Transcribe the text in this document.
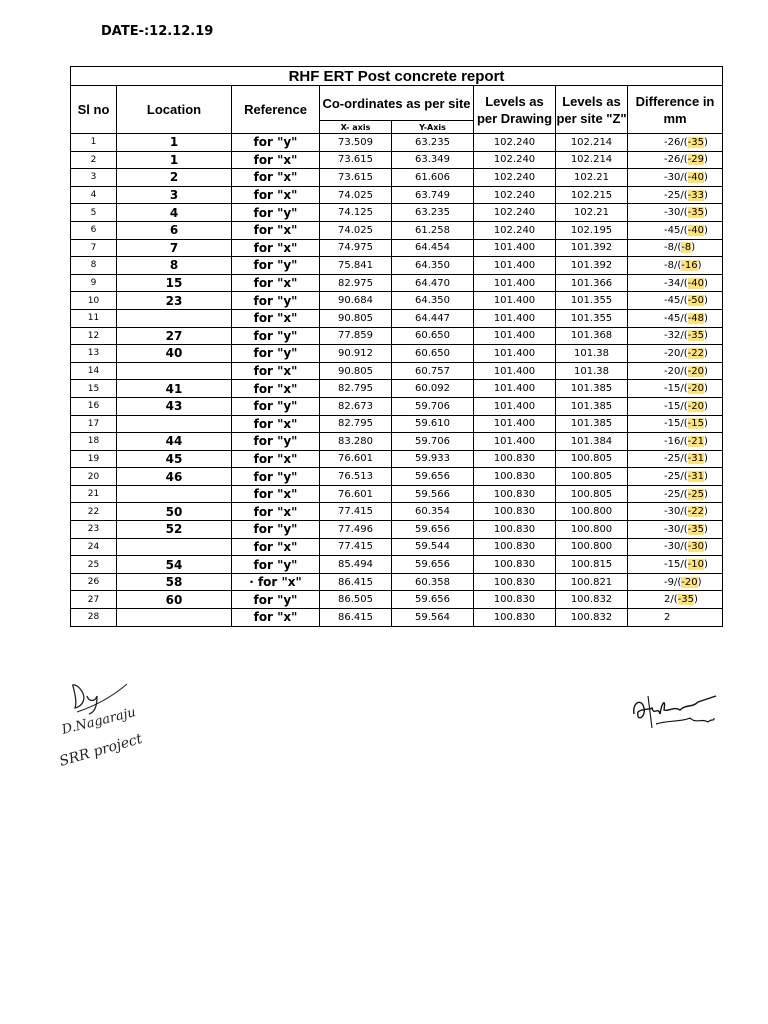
DATE-:12.12.19
RHF ERT Post concrete report							
Sl no	Location	Reference	Co-ordinates as per site		Levels as per Drawing	Levels as per site "Z"	Difference in mm
			X- axis	Y-Axis			
1	1	for "y"	73.509	63.235	102.240	102.214	-26/(-35)
2	1	for "x"	73.615	63.349	102.240	102.214	-26/(-29)
3	2	for "x"	73.615	61.606	102.240	102.21	-30/(-40)
4	3	for "x"	74.025	63.749	102.240	102.215	-25/(-33)
5	4	for "y"	74.125	63.235	102.240	102.21	-30/(-35)
6	6	for "x"	74.025	61.258	102.240	102.195	-45/(-40)
7	7	for "x"	74.975	64.454	101.400	101.392	-8/(-8)
8	8	for "y"	75.841	64.350	101.400	101.392	-8/(-16)
9	15	for "x"	82.975	64.470	101.400	101.366	-34/(-40)
10	23	for "y"	90.684	64.350	101.400	101.355	-45/(-50)
11		for "x"	90.805	64.447	101.400	101.355	-45/(-48)
12	27	for "y"	77.859	60.650	101.400	101.368	-32/(-35)
13	40	for "y"	90.912	60.650	101.400	101.38	-20/(-22)
14		for "x"	90.805	60.757	101.400	101.38	-20/(-20)
15	41	for "x"	82.795	60.092	101.400	101.385	-15/(-20)
16	43	for "y"	82.673	59.706	101.400	101.385	-15/(-20)
17		for "x"	82.795	59.610	101.400	101.385	-15/(-15)
18	44	for "y"	83.280	59.706	101.400	101.384	-16/(-21)
19	45	for "x"	76.601	59.933	100.830	100.805	-25/(-31)
20	46	for "y"	76.513	59.656	100.830	100.805	-25/(-31)
21		for "x"	76.601	59.566	100.830	100.805	-25/(-25)
22	50	for "x"	77.415	60.354	100.830	100.800	-30/(-22)
23	52	for "y"	77.496	59.656	100.830	100.800	-30/(-35)
24		for "x"	77.415	59.544	100.830	100.800	-30/(-30)
25	54	for "y"	85.494	59.656	100.830	100.815	-15/(-10)
26	58	· for "x"	86.415	60.358	100.830	100.821	-9/(-20)
27	60	for "y"	86.505	59.656	100.830	100.832	2/(-35)
28		for "x"	86.415	59.564	100.830	100.832	2
D.Nagaraju
SRR project
